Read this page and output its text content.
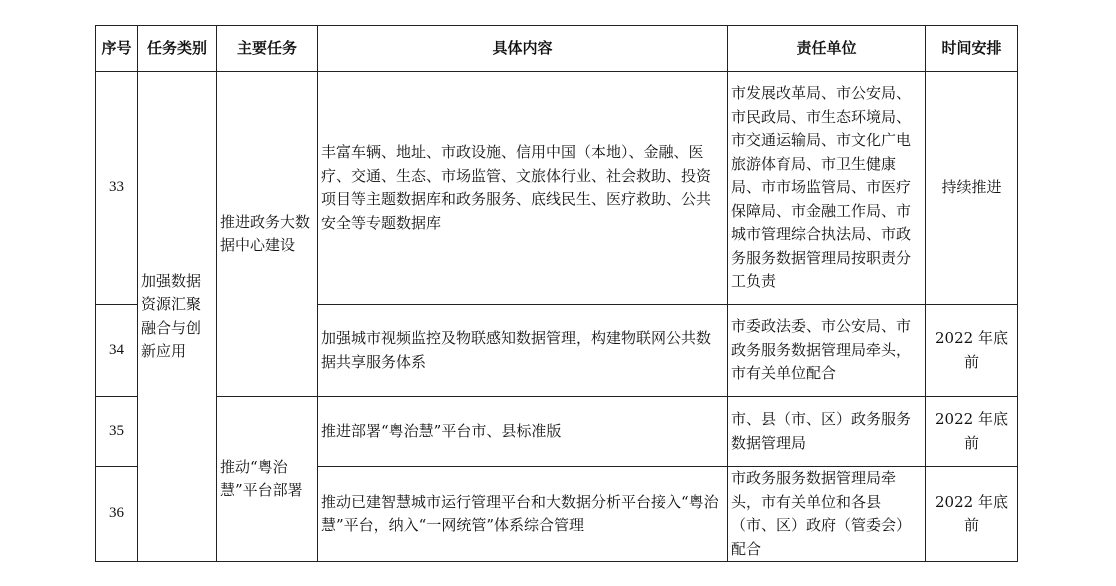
序号	任务类别	主要任务	具体内容	责任单位	时间安排
33	加强数据资源汇聚融合与创新应用	推进政务大数据中心建设	丰富车辆、地址、市政设施、信用中国（本地）、金融、医疗、交通、生态、市场监管、文旅体行业、社会救助、投资项目等主题数据库和政务服务、底线民生、医疗救助、公共安全等专题数据库	市发展改革局、市公安局、市民政局、市生态环境局、市交通运输局、市文化广电旅游体育局、市卫生健康局、市市场监管局、市医疗保障局、市金融工作局、市城市管理综合执法局、市政务服务数据管理局按职责分工负责	持续推进
34			加强城市视频监控及物联感知数据管理，构建物联网公共数据共享服务体系	市委政法委、市公安局、市政务服务数据管理局牵头，市有关单位配合	2022 年底前
35		推动“粤治慧”平台部署	推进部署“粤治慧”平台市、县标准版	市、县（市、区）政务服务数据管理局	2022 年底前
36			推动已建智慧城市运行管理平台和大数据分析平台接入“粤治慧”平台，纳入“一网统管”体系综合管理	市政务服务数据管理局牵头，市有关单位和各县（市、区）政府（管委会）配合	2022 年底前
